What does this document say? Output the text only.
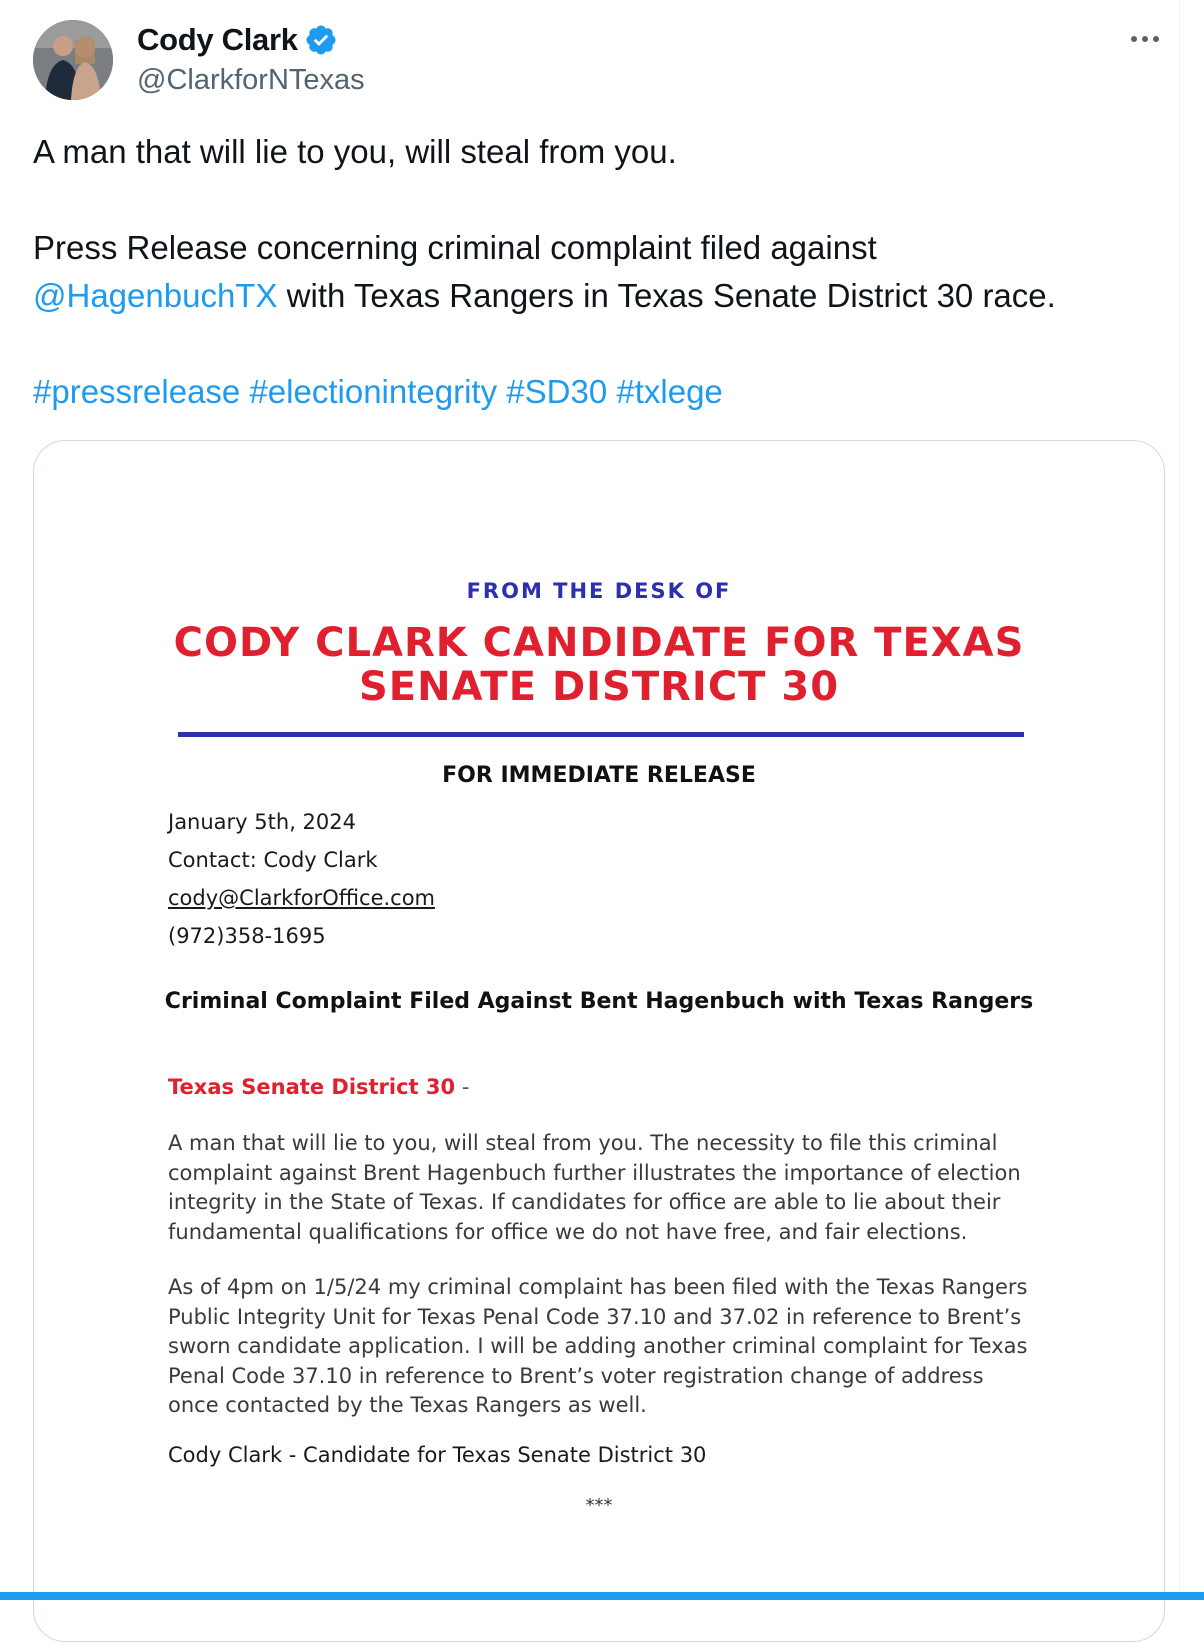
Cody Clark
@ClarkforNTexas

A man that will lie to you, will steal from you.

Press Release concerning criminal complaint filed against

@HagenbuchTX with Texas Rangers in Texas Senate District 30 race.

#pressrelease #electionintegrity #SD30 #txlege

FROM THE DESK OF
CODY CLARK CANDIDATE FOR TEXAS
SENATE DISTRICT 30
FOR IMMEDIATE RELEASE
January 5th, 2024
Contact: Cody Clark
cody@ClarkforOffice.com
(972)358-1695
Criminal Complaint Filed Against Bent Hagenbuch with Texas Rangers
Texas Senate District 30 -

A man that will lie to you, will steal from you. The necessity to file this criminal complaint against Brent Hagenbuch further illustrates the importance of election integrity in the State of Texas. If candidates for office are able to lie about their fundamental qualifications for office we do not have free, and fair elections.

As of 4pm on 1/5/24 my criminal complaint has been filed with the Texas Rangers Public Integrity Unit for Texas Penal Code 37.10 and 37.02 in reference to Brent’s sworn candidate application. I will be adding another criminal complaint for Texas Penal Code 37.10 in reference to Brent’s voter registration change of address once contacted by the Texas Rangers as well.

Cody Clark - Candidate for Texas Senate District 30
***
